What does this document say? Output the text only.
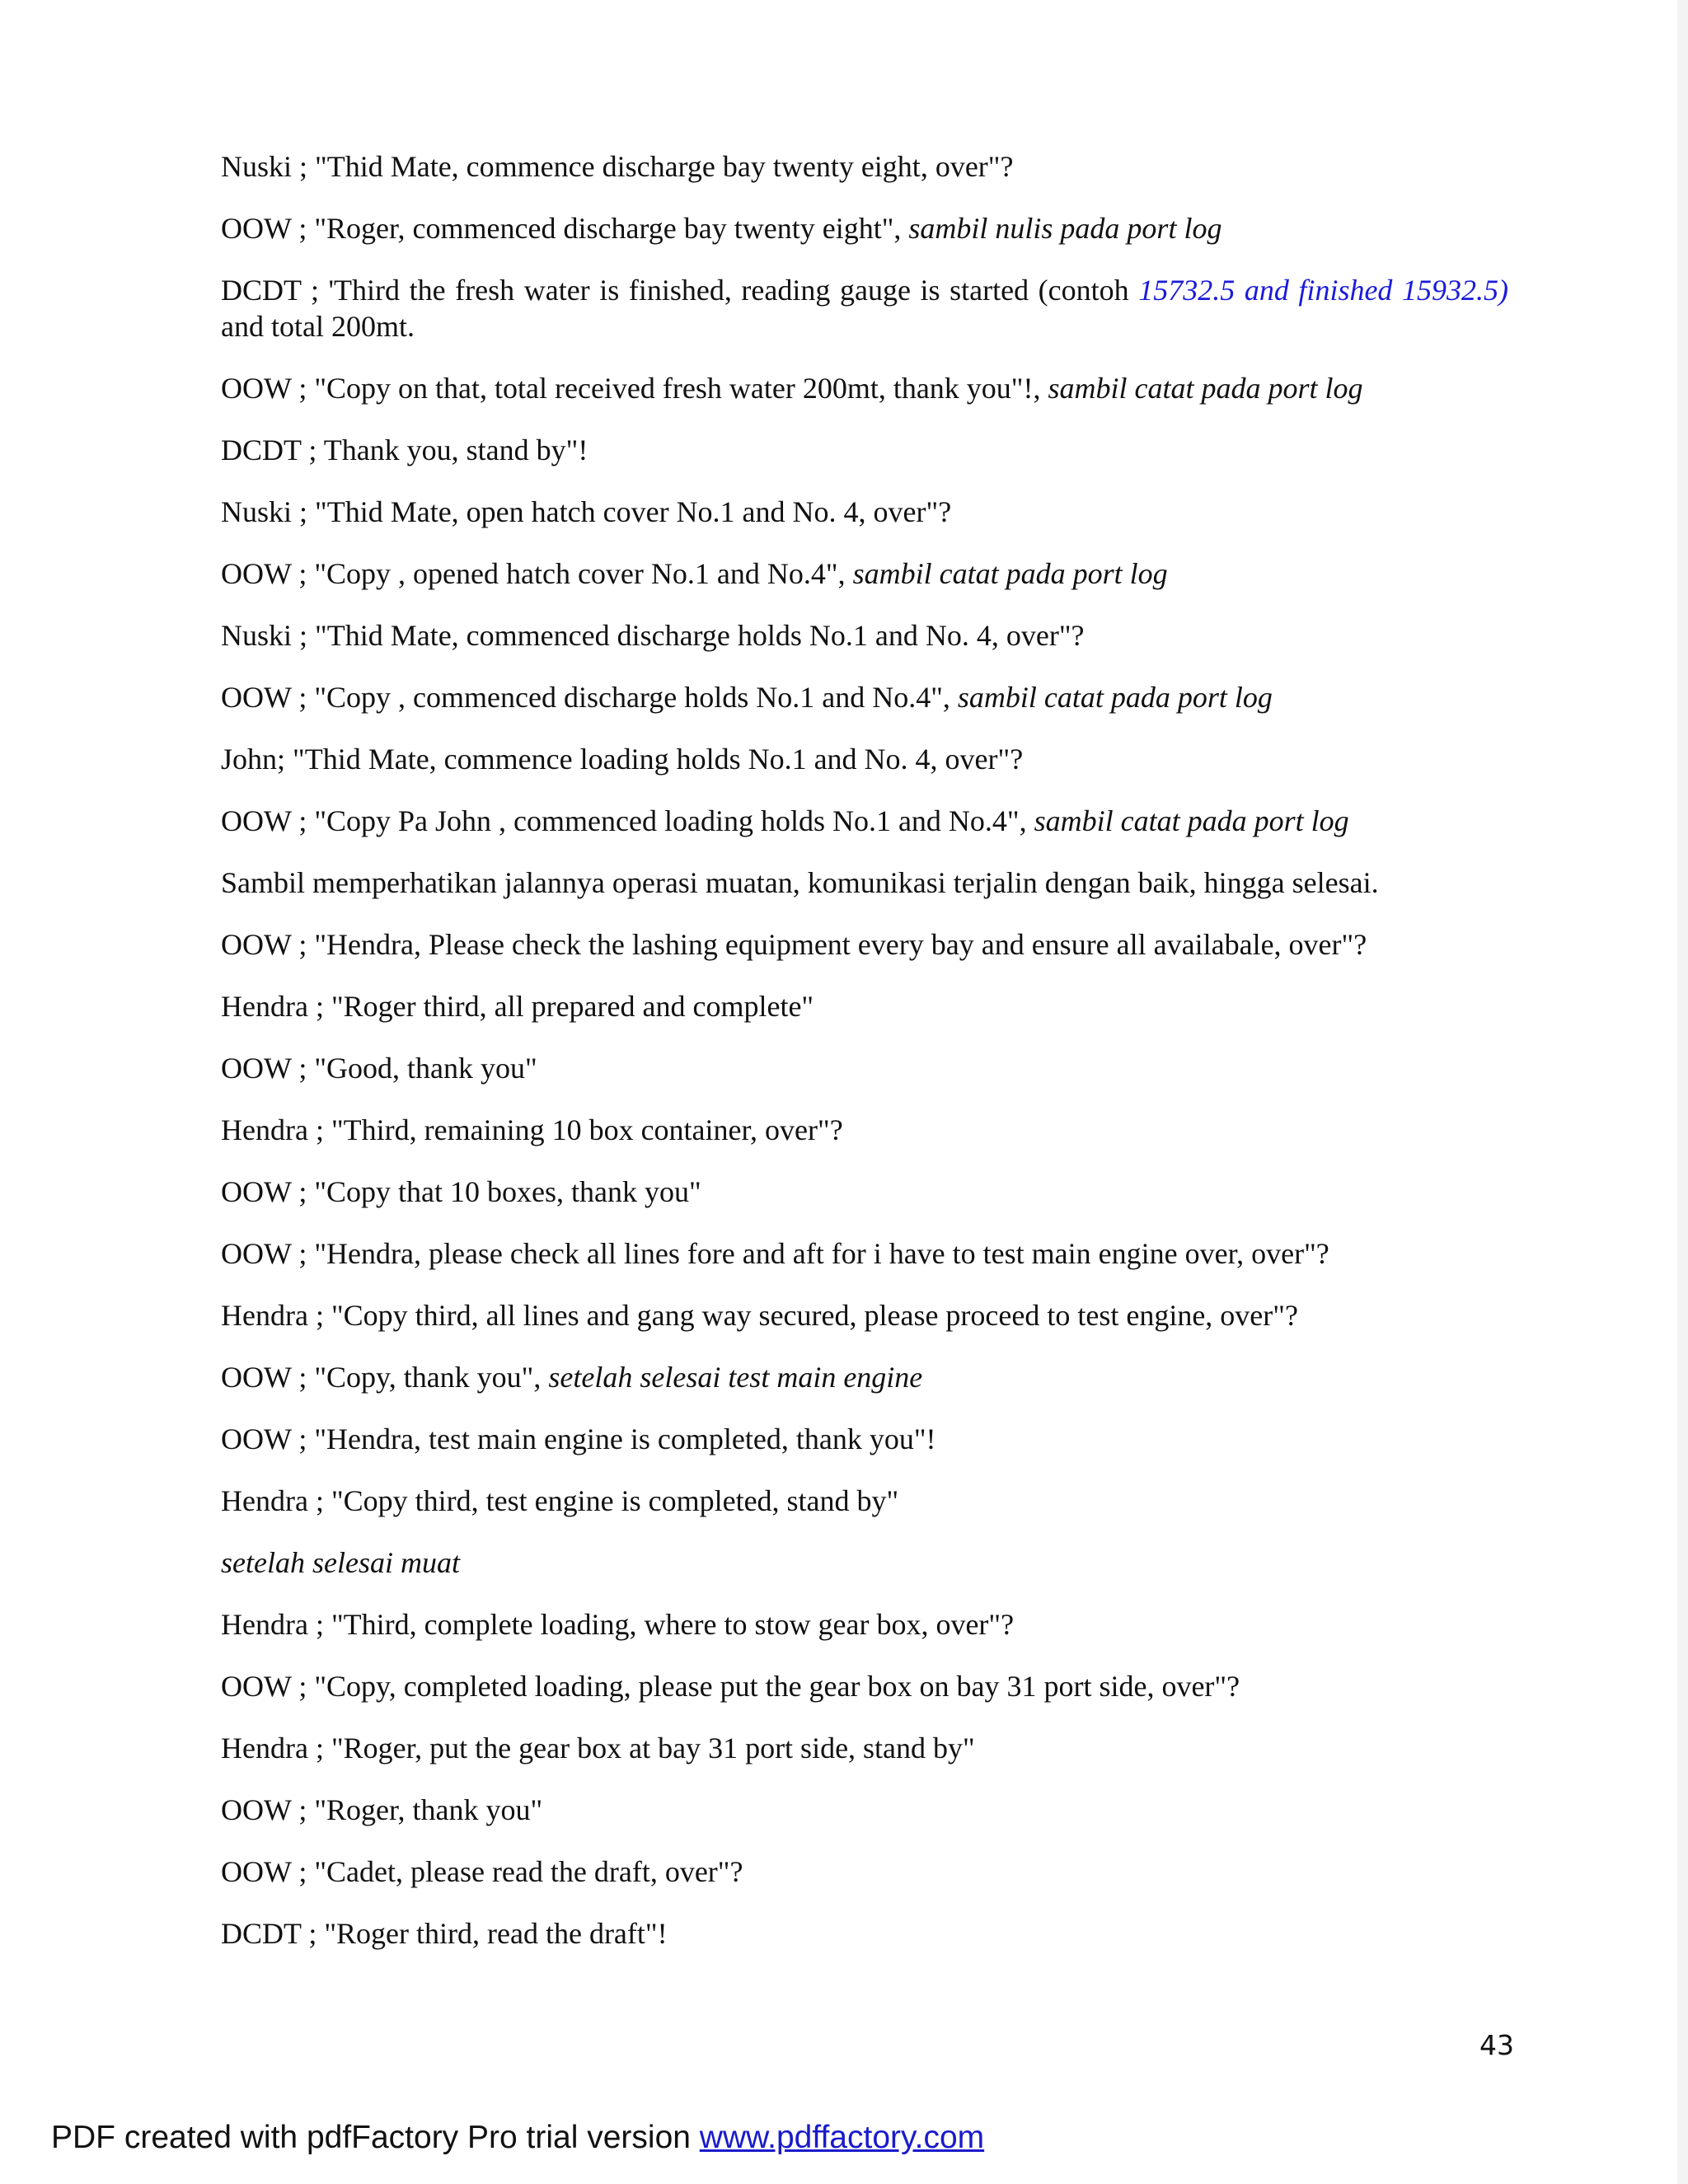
Nuski ; "Thid Mate, commence discharge bay twenty eight, over"?

OOW ; "Roger, commenced discharge bay twenty eight", sambil nulis pada port log

DCDT ; 'Third the fresh water is finished, reading gauge is started (contoh 15732.5 and finished 15932.5) and total 200mt.

OOW ; "Copy on that, total received fresh water 200mt, thank you"!, sambil catat pada port log

DCDT ; Thank you, stand by"!

Nuski ; "Thid Mate, open hatch cover No.1 and No. 4, over"?

OOW ; "Copy , opened hatch cover No.1 and No.4", sambil catat pada port log

Nuski ; "Thid Mate, commenced discharge holds No.1 and No. 4, over"?

OOW ; "Copy , commenced discharge holds No.1 and No.4", sambil catat pada port log

John; "Thid Mate, commence loading holds No.1 and No. 4, over"?

OOW ; "Copy Pa John , commenced loading holds No.1 and No.4", sambil catat pada port log

Sambil memperhatikan jalannya operasi muatan, komunikasi terjalin dengan baik, hingga selesai.

OOW ; "Hendra, Please check the lashing equipment every bay and ensure all availabale, over"?

Hendra ; "Roger third, all prepared and complete"

OOW ; "Good, thank you"

Hendra ; "Third, remaining 10 box container, over"?

OOW ; "Copy that 10 boxes, thank you"

OOW ; "Hendra, please check all lines fore and aft for i have to test main engine over, over"?

Hendra ; "Copy third, all lines and gang way secured, please proceed to test engine, over"?

OOW ; "Copy, thank you", setelah selesai test main engine

OOW ; "Hendra, test main engine is completed, thank you"!

Hendra ; "Copy third, test engine is completed, stand by"

setelah selesai muat

Hendra ; "Third, complete loading, where to stow gear box, over"?

OOW ; "Copy, completed loading, please put the gear box on bay 31 port side, over"?

Hendra ; "Roger, put the gear box at bay 31 port side, stand by"

OOW ; "Roger, thank you"

OOW ; "Cadet, please read the draft, over"?

DCDT ; "Roger third, read the draft"!

43
PDF created with pdfFactory Pro trial version www.pdffactory.com
